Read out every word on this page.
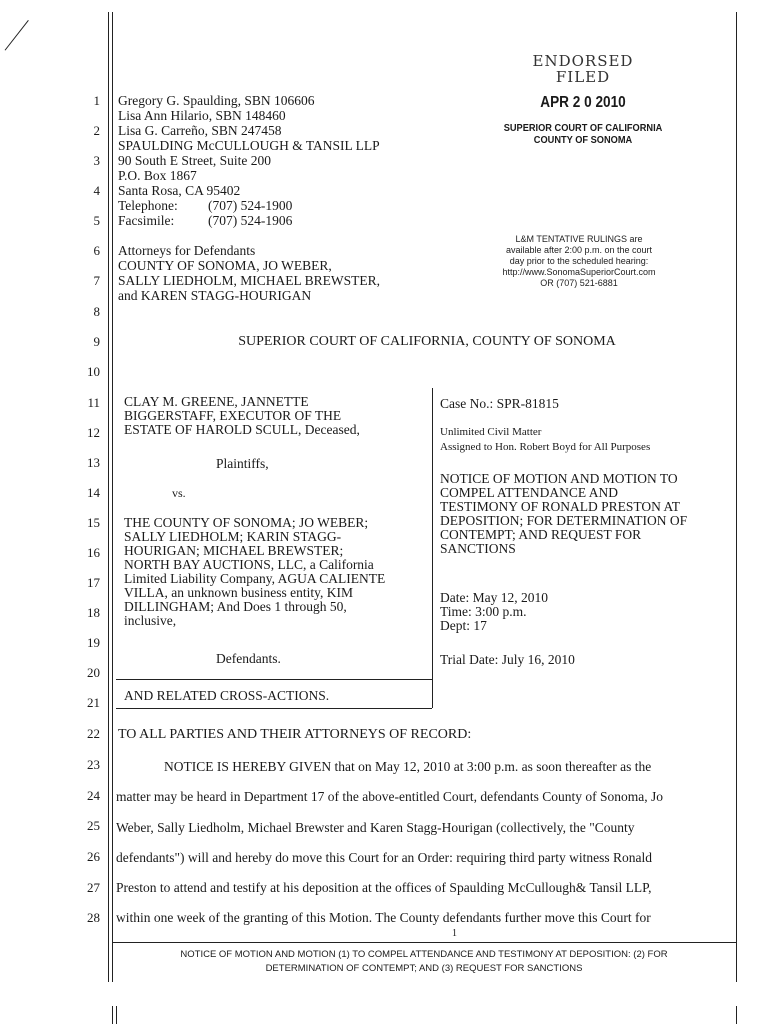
1
2
3
4
5
6
7
8
9
10
11
12
13
14
15
16
17
18
19
20
21
22
23
24
25
26
27
28
Gregory G. Spaulding, SBN 106606
Lisa Ann Hilario, SBN 148460
Lisa G. Carreño, SBN 247458
SPAULDING McCULLOUGH & TANSIL LLP
90 South E Street, Suite 200
P.O. Box 1867
Santa Rosa, CA 95402
Telephone: (707) 524-1900
Facsimile:	(707) 524-1906
Attorneys for Defendants
COUNTY OF SONOMA, JO WEBER,
SALLY LIEDHOLM, MICHAEL BREWSTER,
and KAREN STAGG-HOURIGAN
ENDORSED
FILED
APR 2 0 2010
SUPERIOR COURT OF CALIFORNIA
COUNTY OF SONOMA
L&M TENTATIVE RULINGS are
available after 2:00 p.m. on the court
day prior to the scheduled hearing:
http://www.SonomaSuperiorCourt.com
OR (707) 521-6881
SUPERIOR COURT OF CALIFORNIA, COUNTY OF SONOMA
CLAY M. GREENE, JANNETTE
BIGGERSTAFF, EXECUTOR OF THE
ESTATE OF HAROLD SCULL, Deceased,
Plaintiffs,
vs.
THE COUNTY OF SONOMA; JO WEBER;
SALLY LIEDHOLM; KARIN STAGG-
HOURIGAN; MICHAEL BREWSTER;
NORTH BAY AUCTIONS, LLC, a California
Limited Liability Company, AGUA CALIENTE
VILLA, an unknown business entity, KIM
DILLINGHAM; And Does 1 through 50,
inclusive,
Defendants.
AND RELATED CROSS-ACTIONS.
Case No.: SPR-81815
Unlimited Civil Matter
Assigned to Hon. Robert Boyd for All Purposes
NOTICE OF MOTION AND MOTION TO
COMPEL ATTENDANCE AND
TESTIMONY OF RONALD PRESTON AT
DEPOSITION; FOR DETERMINATION OF
CONTEMPT; AND REQUEST FOR
SANCTIONS
Date: May 12, 2010
Time: 3:00 p.m.
Dept: 17
Trial Date: July 16, 2010
TO ALL PARTIES AND THEIR ATTORNEYS OF RECORD:
NOTICE IS HEREBY GIVEN that on May 12, 2010 at 3:00 p.m. as soon thereafter as the
matter may be heard in Department 17 of the above-entitled Court, defendants County of Sonoma, Jo
Weber, Sally Liedholm, Michael Brewster and Karen Stagg-Hourigan (collectively, the "County
defendants") will and hereby do move this Court for an Order: requiring third party witness Ronald
Preston to attend and testify at his deposition at the offices of Spaulding McCullough& Tansil LLP,
within one week of the granting of this Motion. The County defendants further move this Court for
1
NOTICE OF MOTION AND MOTION (1) TO COMPEL ATTENDANCE AND TESTIMONY AT DEPOSITION: (2) FOR
DETERMINATION OF CONTEMPT; AND (3) REQUEST FOR SANCTIONS
